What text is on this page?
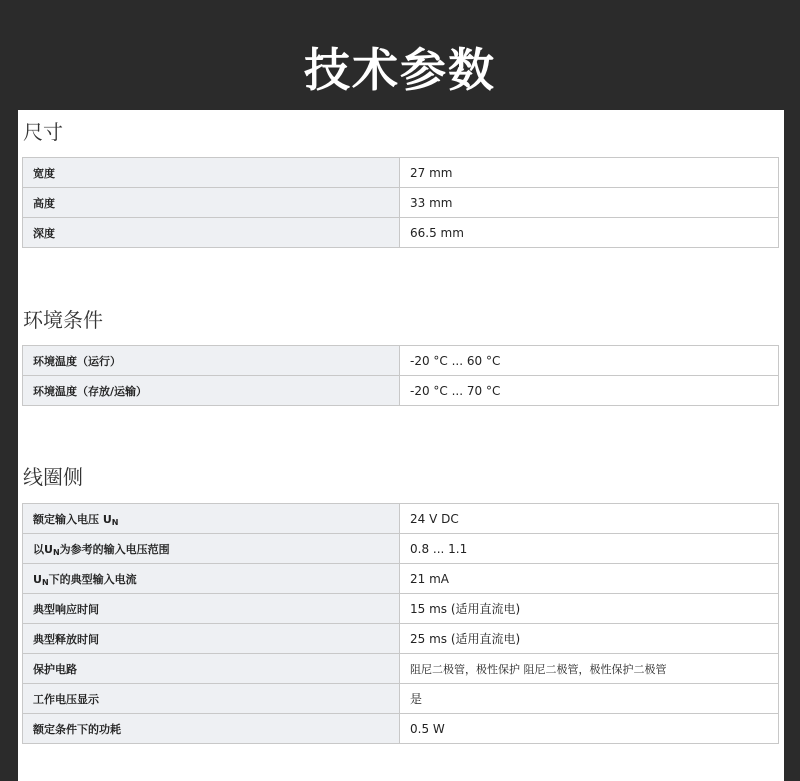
技术参数
尺寸
宽度	27 mm
高度	33 mm
深度	66.5 mm
环境条件
环境温度（运行）	-20 °C ... 60 °C
环境温度（存放/运输）	-20 °C ... 70 °C
线圈侧
额定输入电压 $U_N$	24 V DC
以$U_N$为参考的输入电压范围	0.8 ... 1.1
$U_N$下的典型输入电流	21 mA
典型响应时间	15 ms (适用直流电)
典型释放时间	25 ms (适用直流电)
保护电路	阻尼二极管，极性保护 阻尼二极管，极性保护二极管
工作电压显示	是
额定条件下的功耗	0.5 W
